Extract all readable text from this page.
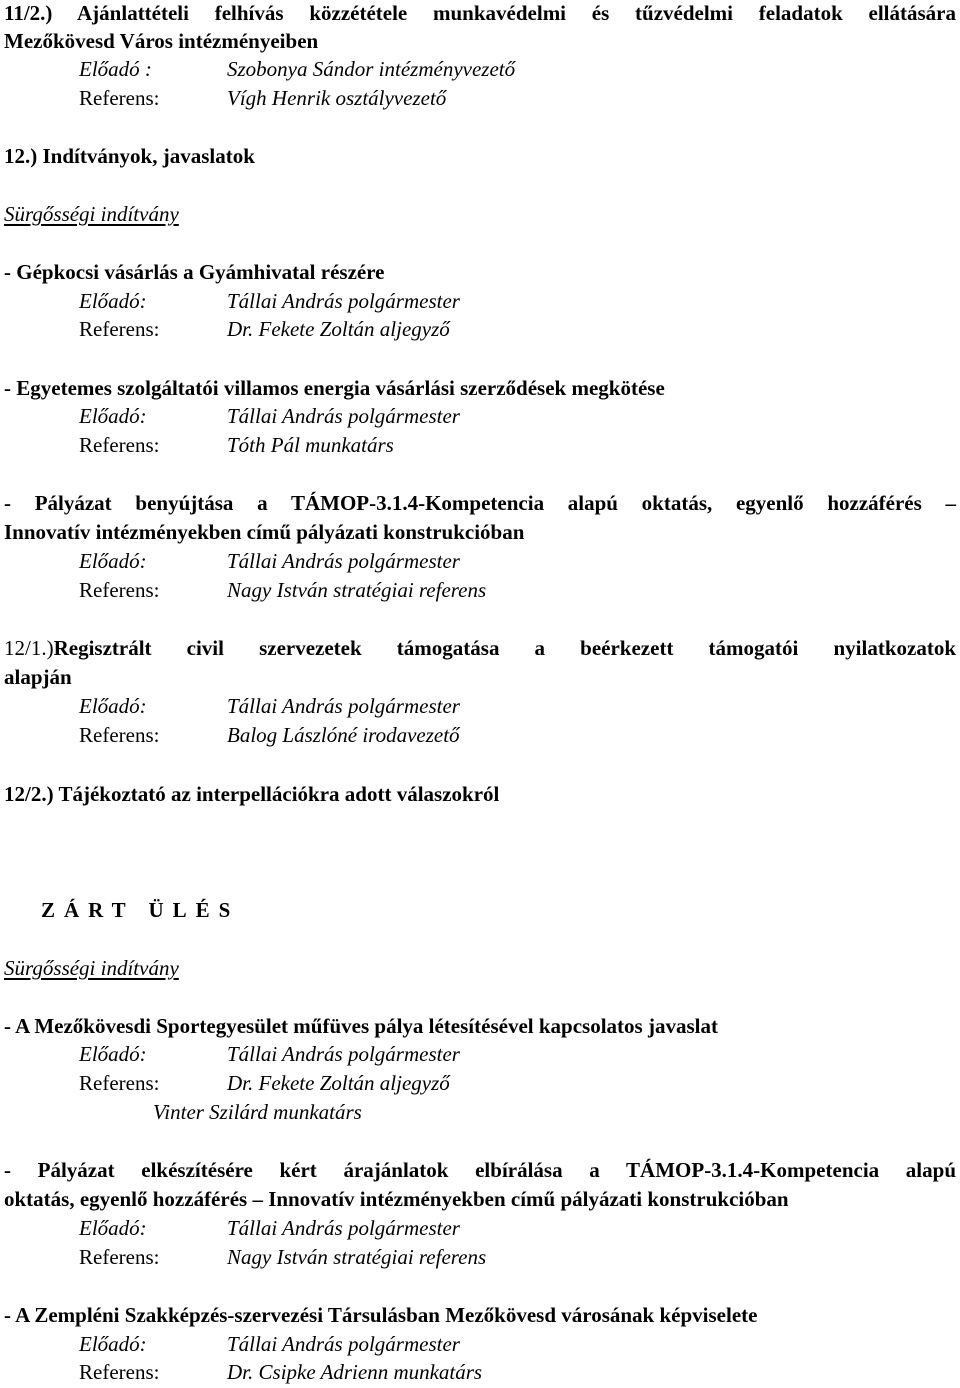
11/2.) Ajánlattételi felhívás közzététele munkavédelmi és tűzvédelmi feladatok ellátására
Mezőkövesd Város intézményeiben
Előadó :	Szobonya Sándor intézményvezető
Referens:	Vígh Henrik osztályvezető
12.) Indítványok, javaslatok
Sürgősségi indítvány
- Gépkocsi vásárlás a Gyámhivatal részére
Előadó:	Tállai András polgármester
Referens:	Dr. Fekete Zoltán aljegyző
- Egyetemes szolgáltatói villamos energia vásárlási szerződések megkötése
Előadó:	Tállai András polgármester
Referens:	Tóth Pál munkatárs
- Pályázat benyújtása a TÁMOP-3.1.4-Kompetencia alapú oktatás, egyenlő hozzáférés –
Innovatív intézményekben című pályázati konstrukcióban
Előadó:	Tállai András polgármester
Referens:	Nagy István stratégiai referens
12/1.)Regisztrált civil szervezetek támogatása a beérkezett támogatói nyilatkozatok
alapján
Előadó:	Tállai András polgármester
Referens:	Balog Lászlóné irodavezető
12/2.) Tájékoztató az interpellációkra adott válaszokról
ZÁRT ÜLÉS
Sürgősségi indítvány
- A Mezőkövesdi Sportegyesület műfüves pálya létesítésével kapcsolatos javaslat
Előadó:	Tállai András polgármester
Referens:	Dr. Fekete Zoltán aljegyző
Vinter Szilárd munkatárs
- Pályázat elkészítésére kért árajánlatok elbírálása a TÁMOP-3.1.4-Kompetencia alapú
oktatás, egyenlő hozzáférés – Innovatív intézményekben című pályázati konstrukcióban
Előadó:	Tállai András polgármester
Referens:	Nagy István stratégiai referens
- A Zempléni Szakképzés-szervezési Társulásban Mezőkövesd városának képviselete
Előadó:	Tállai András polgármester
Referens:	Dr. Csipke Adrienn munkatárs
